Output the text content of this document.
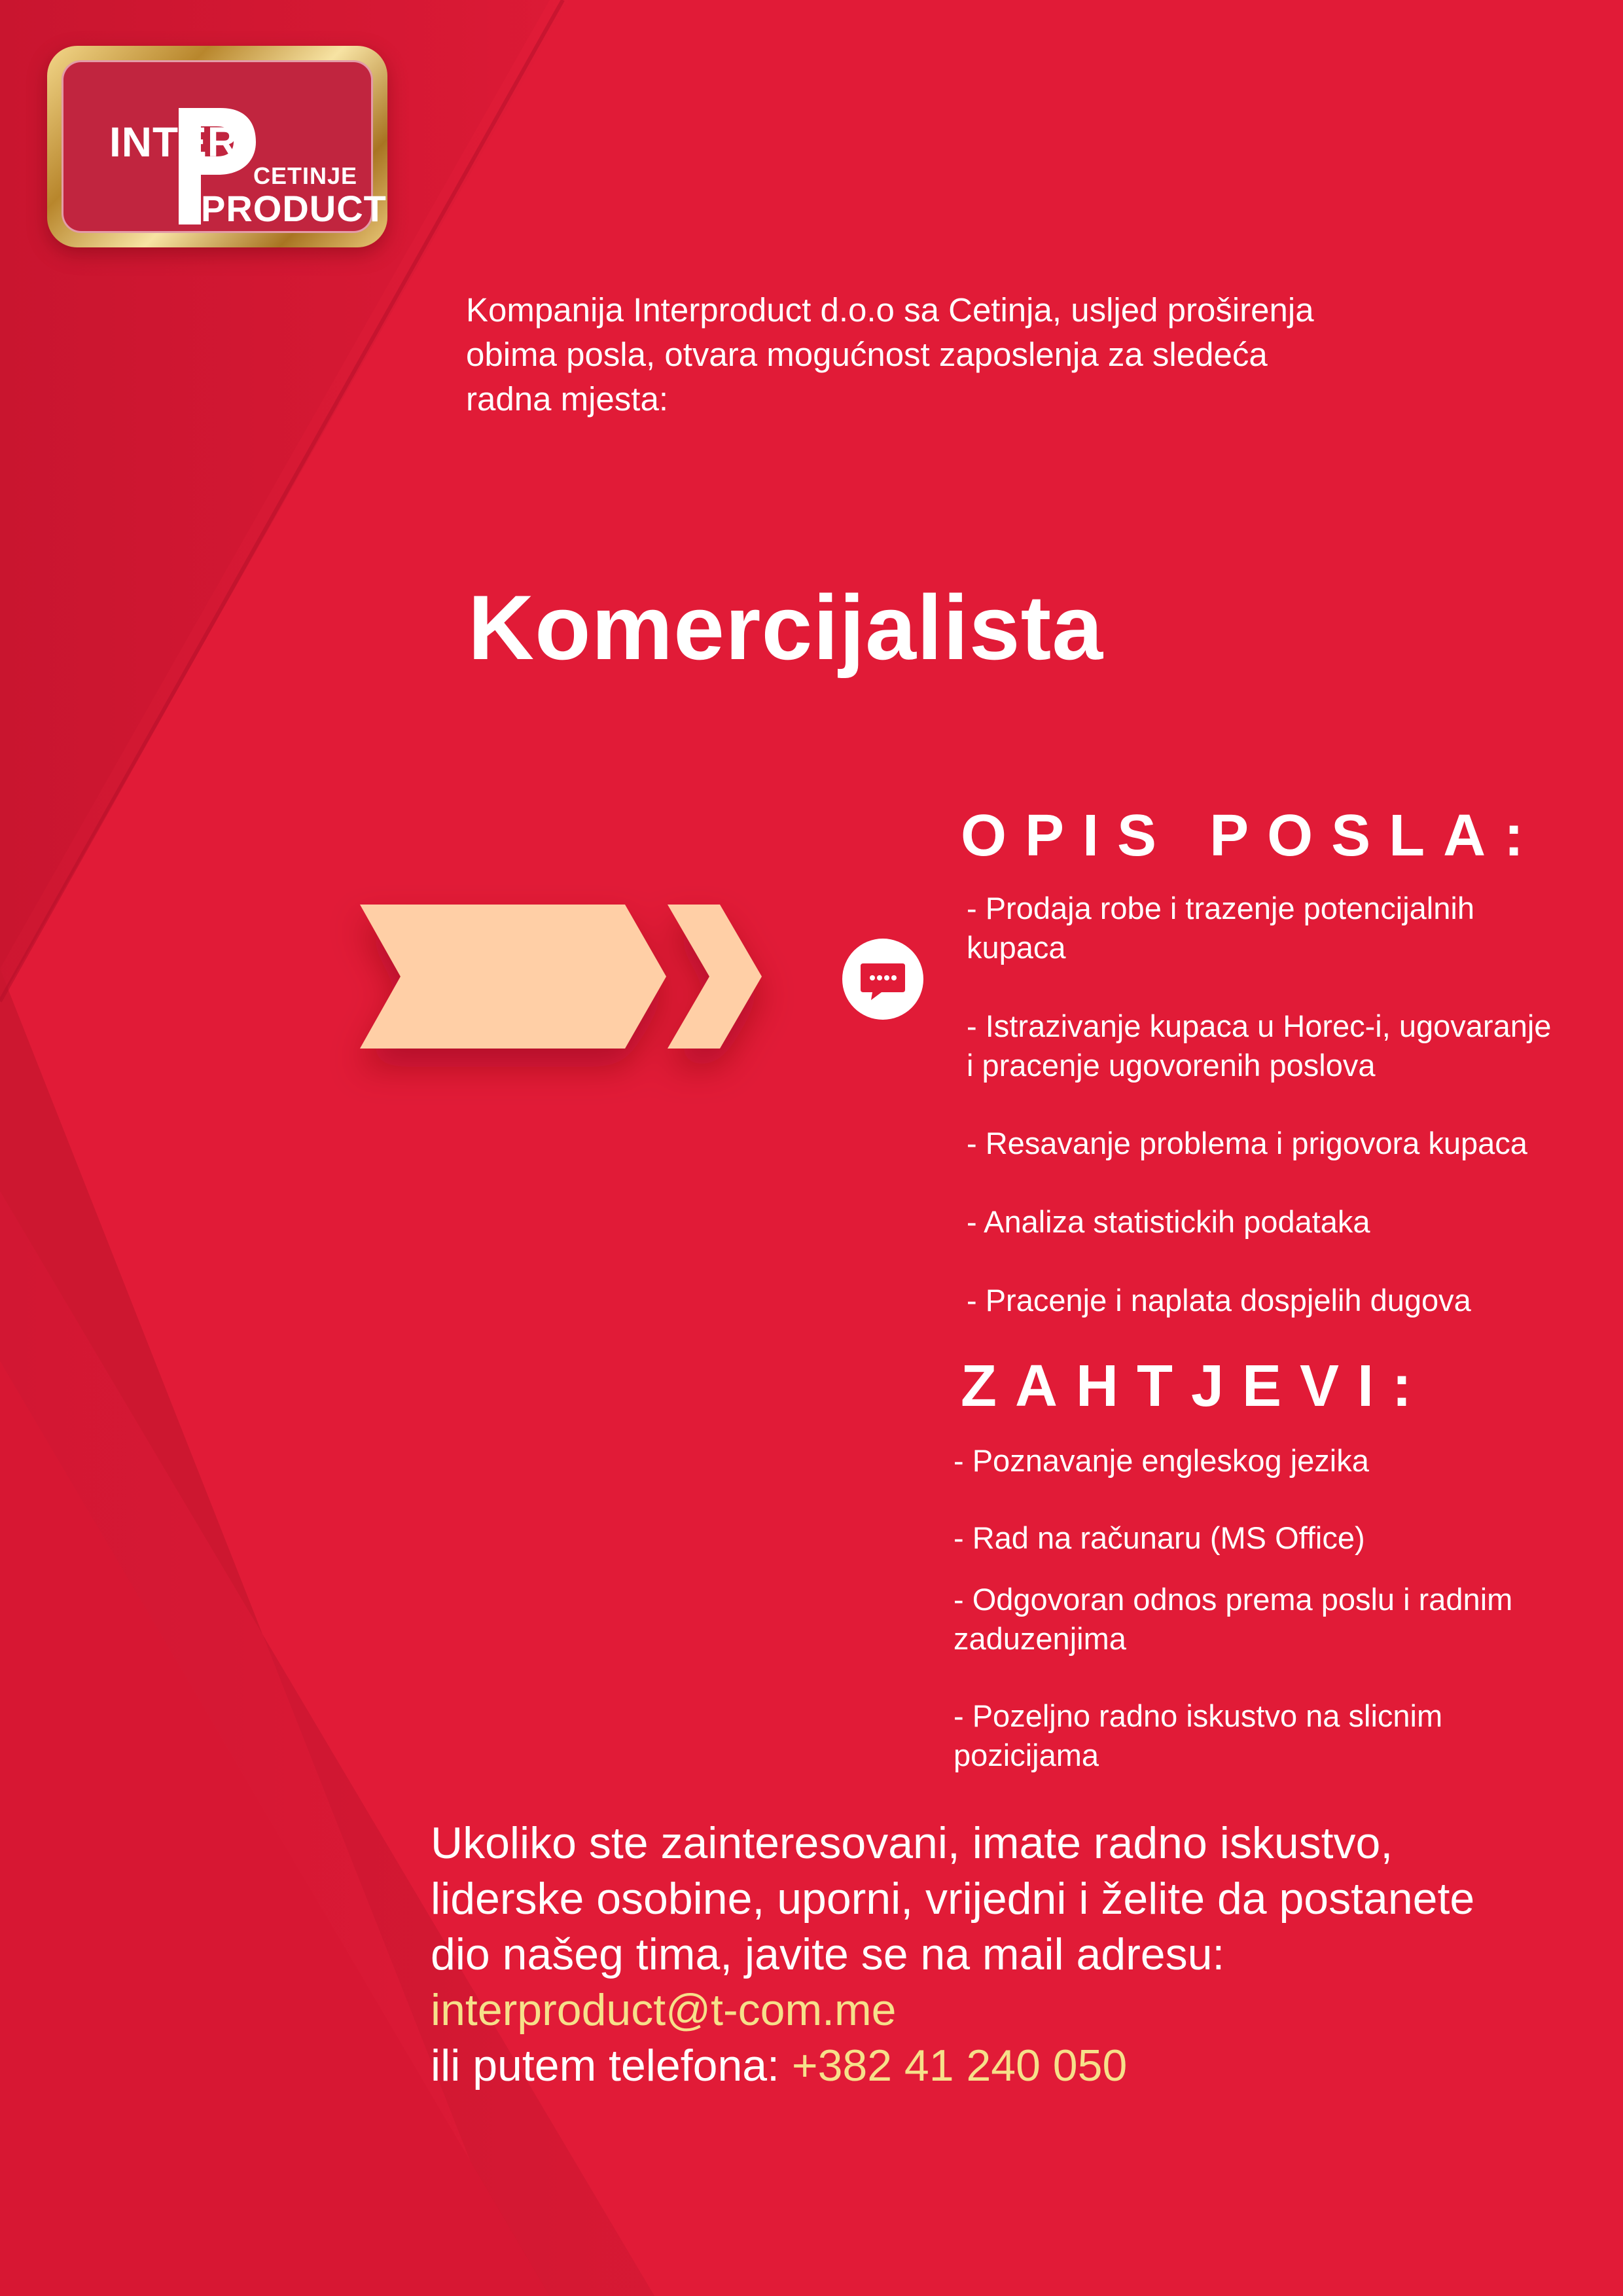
INTER
CETINJE
PRODUCT
Kompanija Interproduct d.o.o sa Cetinja, usljed proširenja
obima posla, otvara mogućnost zaposlenja za sledeća
radna mjesta:
Komercijalista
OPIS POSLA:
- Prodaja robe i trazenje potencijalnih
kupaca
- Istrazivanje kupaca u Horec-i, ugovaranje
i pracenje ugovorenih poslova
- Resavanje problema i prigovora kupaca
- Analiza statistickih podataka
- Pracenje i naplata dospjelih dugova
ZAHTJEVI:
- Poznavanje engleskog jezika
- Rad na računaru (MS Office)
- Odgovoran odnos prema poslu i radnim
zaduzenjima
- Pozeljno radno iskustvo na slicnim
pozicijama
Ukoliko ste zainteresovani, imate radno iskustvo,
liderske osobine, uporni, vrijedni i želite da postanete
dio našeg tima, javite se na mail adresu:
interproduct@t-com.me
ili putem telefona: +382 41 240 050
